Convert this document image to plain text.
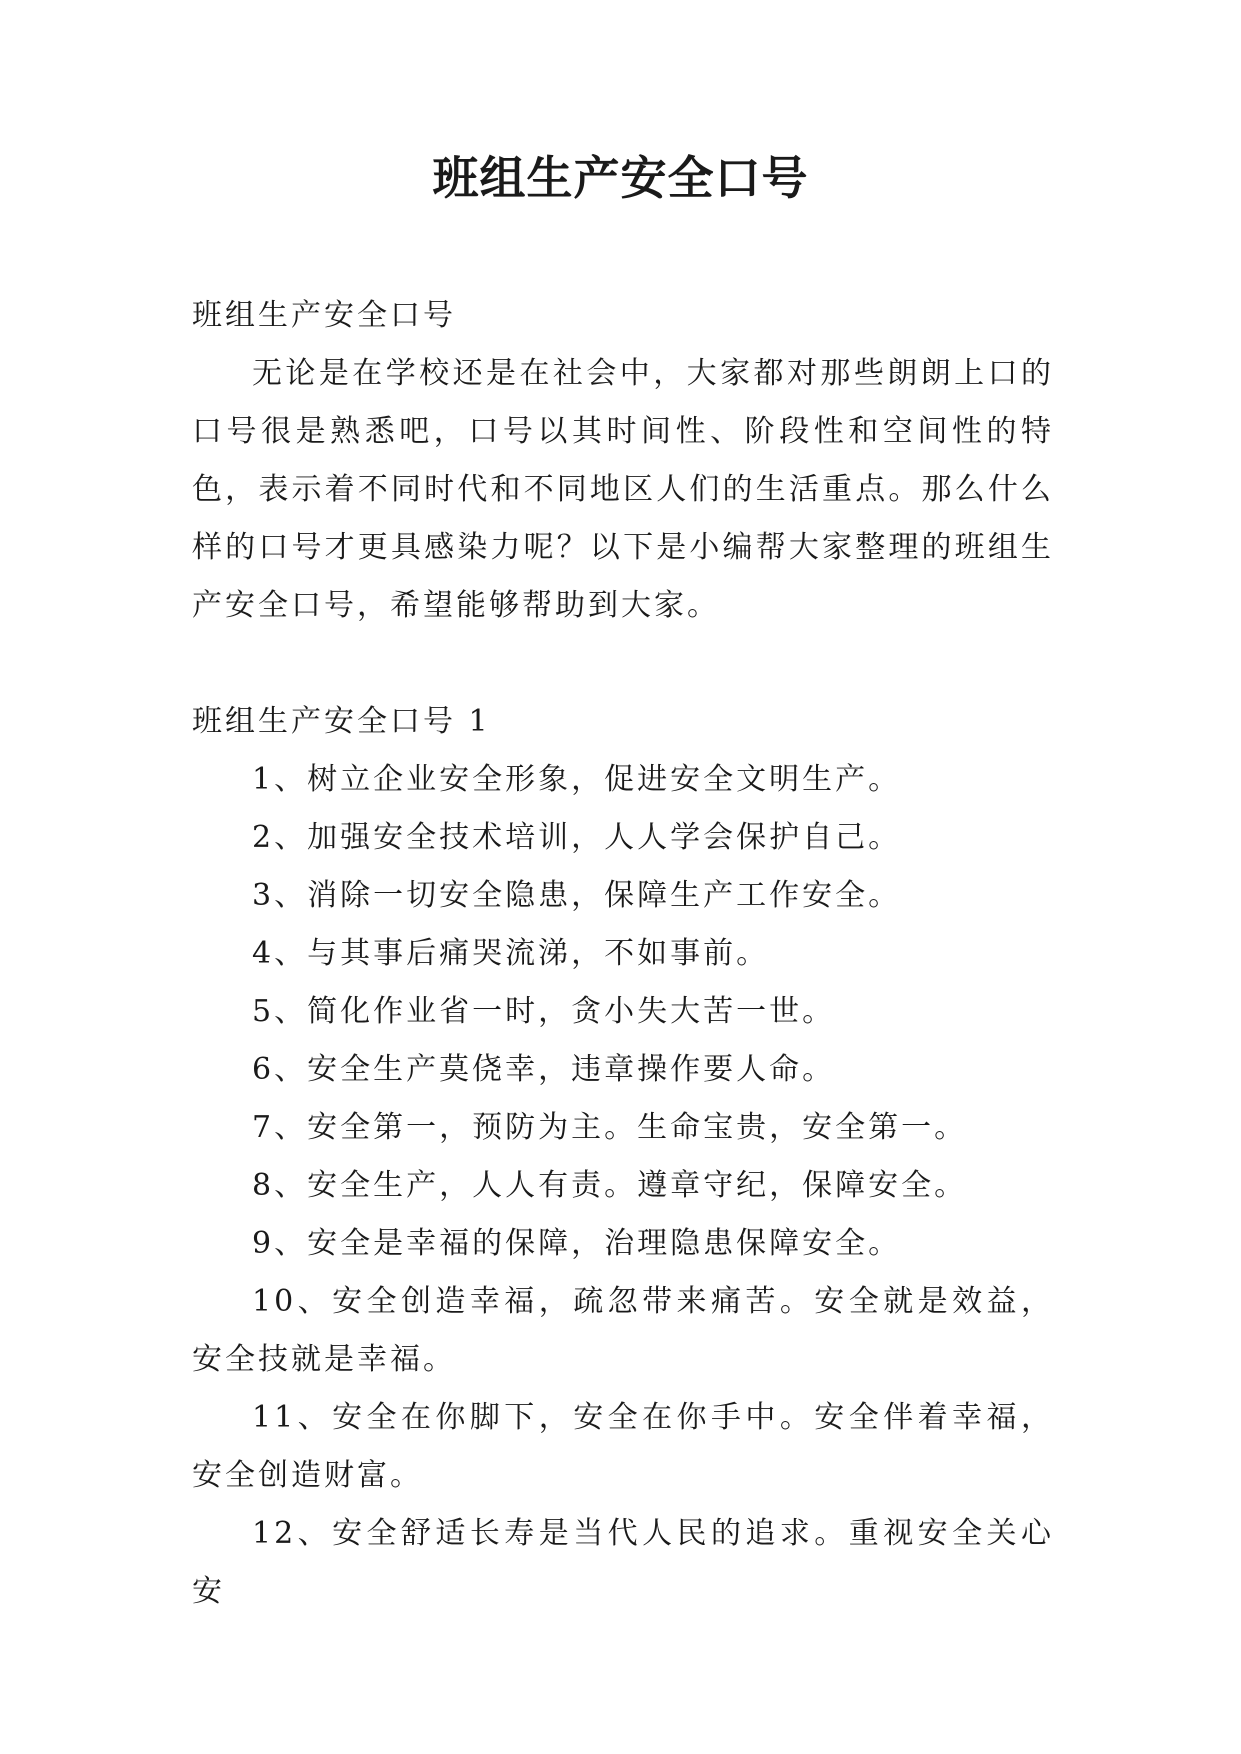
班组生产安全口号

班组生产安全口号

无论是在学校还是在社会中，大家都对那些朗朗上口的口号很是熟悉吧，口号以其时间性、阶段性和空间性的特色，表示着不同时代和不同地区人们的生活重点。那么什么样的口号才更具感染力呢？以下是小编帮大家整理的班组生产安全口号，希望能够帮助到大家。

班组生产安全口号 1

1、树立企业安全形象，促进安全文明生产。

2、加强安全技术培训，人人学会保护自己。

3、消除一切安全隐患，保障生产工作安全。

4、与其事后痛哭流涕，不如事前。

5、简化作业省一时，贪小失大苦一世。

6、安全生产莫侥幸，违章操作要人命。

7、安全第一，预防为主。生命宝贵，安全第一。

8、安全生产，人人有责。遵章守纪，保障安全。

9、安全是幸福的保障，治理隐患保障安全。

10、安全创造幸福，疏忽带来痛苦。安全就是效益，安全技就是幸福。

11、安全在你脚下，安全在你手中。安全伴着幸福，安全创造财富。

12、安全舒适长寿是当代人民的追求。重视安全关心安
